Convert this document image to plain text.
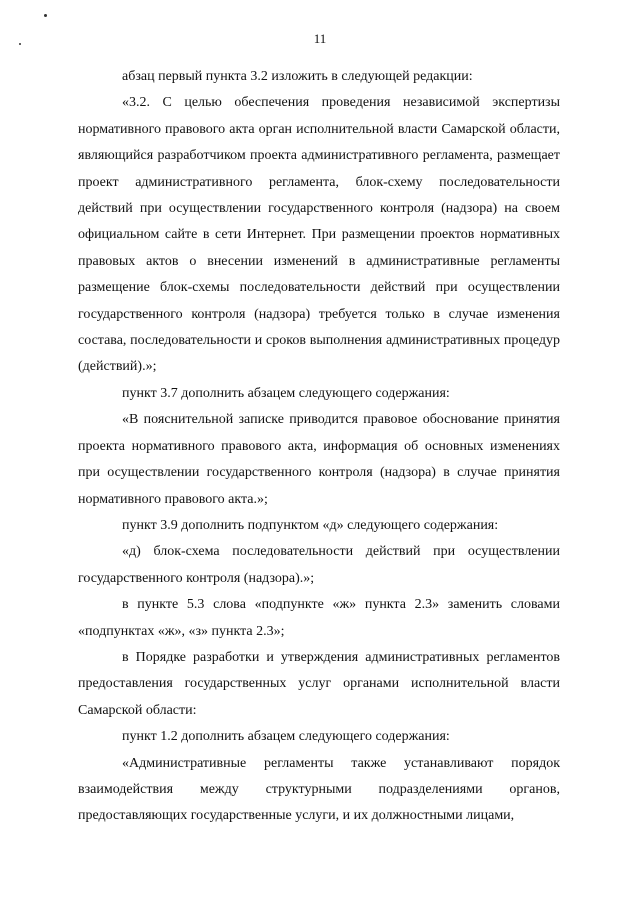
11

абзац первый пункта 3.2 изложить в следующей редакции:

«3.2. С целью обеспечения проведения независимой экспертизы нормативного правового акта орган исполнительной власти Самарской области, являющийся разработчиком проекта административного регламента, размещает проект административного регламента, блок-схему последовательности действий при осуществлении государственного контроля (надзора) на своем официальном сайте в сети Интернет. При размещении проектов нормативных правовых актов о внесении изменений в административные регламенты размещение блок-схемы последовательности действий при осуществлении государственного контроля (надзора) требуется только в случае изменения состава, последовательности и сроков выполнения административных процедур (действий).»;

пункт 3.7 дополнить абзацем следующего содержания:

«В пояснительной записке приводится правовое обоснование принятия проекта нормативного правового акта, информация об основных изменениях при осуществлении государственного контроля (надзора) в случае принятия нормативного правового акта.»;

пункт 3.9 дополнить подпунктом «д» следующего содержания:

«д) блок-схема последовательности действий при осуществлении государственного контроля (надзора).»;

в пункте 5.3 слова «подпункте «ж» пункта 2.3» заменить словами «подпунктах «ж», «з» пункта 2.3»;

в Порядке разработки и утверждения административных регламентов предоставления государственных услуг органами исполнительной власти Самарской области:

пункт 1.2 дополнить абзацем следующего содержания:

«Административные регламенты также устанавливают порядок взаимодействия между структурными подразделениями органов, предоставляющих государственные услуги, и их должностными лицами,
